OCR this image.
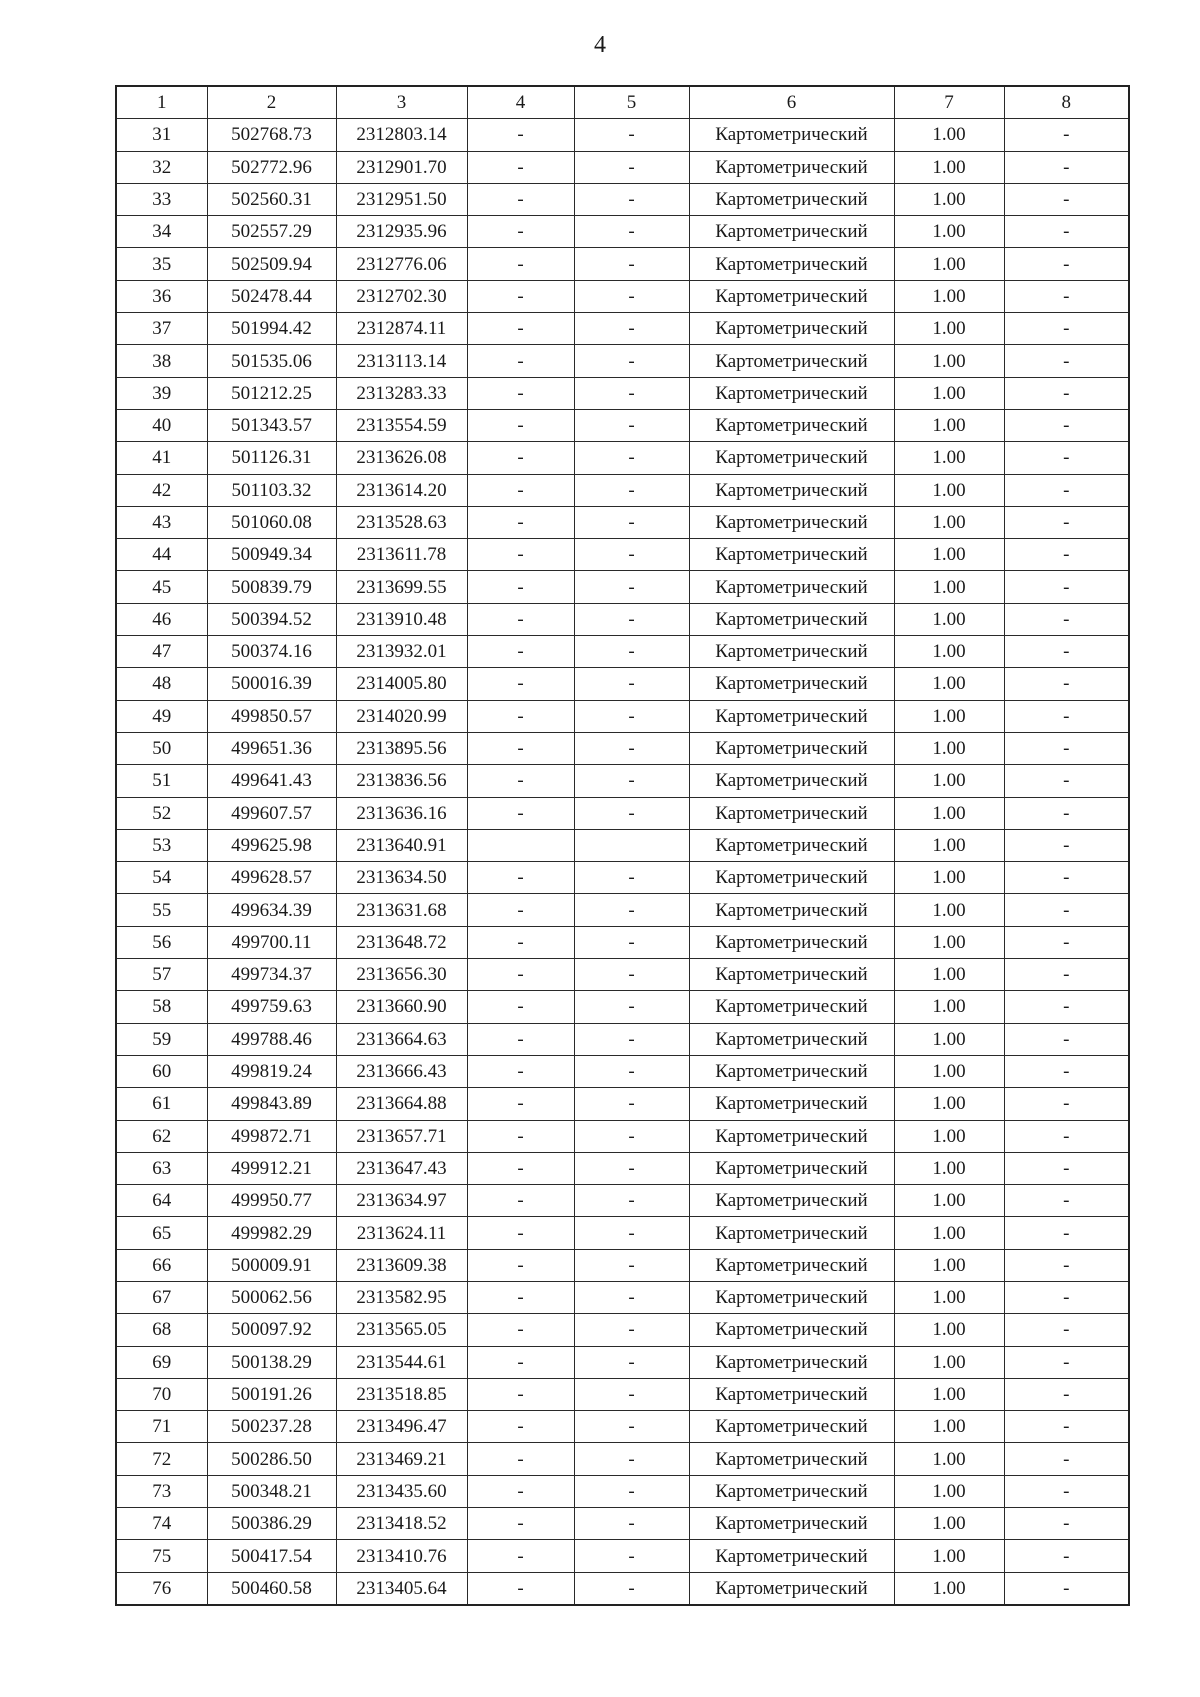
4
1	2	3	4	5	6	7	8
31	502768.73	2312803.14	-	-	Картометрический	1.00	-
32	502772.96	2312901.70	-	-	Картометрический	1.00	-
33	502560.31	2312951.50	-	-	Картометрический	1.00	-
34	502557.29	2312935.96	-	-	Картометрический	1.00	-
35	502509.94	2312776.06	-	-	Картометрический	1.00	-
36	502478.44	2312702.30	-	-	Картометрический	1.00	-
37	501994.42	2312874.11	-	-	Картометрический	1.00	-
38	501535.06	2313113.14	-	-	Картометрический	1.00	-
39	501212.25	2313283.33	-	-	Картометрический	1.00	-
40	501343.57	2313554.59	-	-	Картометрический	1.00	-
41	501126.31	2313626.08	-	-	Картометрический	1.00	-
42	501103.32	2313614.20	-	-	Картометрический	1.00	-
43	501060.08	2313528.63	-	-	Картометрический	1.00	-
44	500949.34	2313611.78	-	-	Картометрический	1.00	-
45	500839.79	2313699.55	-	-	Картометрический	1.00	-
46	500394.52	2313910.48	-	-	Картометрический	1.00	-
47	500374.16	2313932.01	-	-	Картометрический	1.00	-
48	500016.39	2314005.80	-	-	Картометрический	1.00	-
49	499850.57	2314020.99	-	-	Картометрический	1.00	-
50	499651.36	2313895.56	-	-	Картометрический	1.00	-
51	499641.43	2313836.56	-	-	Картометрический	1.00	-
52	499607.57	2313636.16	-	-	Картометрический	1.00	-
53	499625.98	2313640.91			Картометрический	1.00	-
54	499628.57	2313634.50	-	-	Картометрический	1.00	-
55	499634.39	2313631.68	-	-	Картометрический	1.00	-
56	499700.11	2313648.72	-	-	Картометрический	1.00	-
57	499734.37	2313656.30	-	-	Картометрический	1.00	-
58	499759.63	2313660.90	-	-	Картометрический	1.00	-
59	499788.46	2313664.63	-	-	Картометрический	1.00	-
60	499819.24	2313666.43	-	-	Картометрический	1.00	-
61	499843.89	2313664.88	-	-	Картометрический	1.00	-
62	499872.71	2313657.71	-	-	Картометрический	1.00	-
63	499912.21	2313647.43	-	-	Картометрический	1.00	-
64	499950.77	2313634.97	-	-	Картометрический	1.00	-
65	499982.29	2313624.11	-	-	Картометрический	1.00	-
66	500009.91	2313609.38	-	-	Картометрический	1.00	-
67	500062.56	2313582.95	-	-	Картометрический	1.00	-
68	500097.92	2313565.05	-	-	Картометрический	1.00	-
69	500138.29	2313544.61	-	-	Картометрический	1.00	-
70	500191.26	2313518.85	-	-	Картометрический	1.00	-
71	500237.28	2313496.47	-	-	Картометрический	1.00	-
72	500286.50	2313469.21	-	-	Картометрический	1.00	-
73	500348.21	2313435.60	-	-	Картометрический	1.00	-
74	500386.29	2313418.52	-	-	Картометрический	1.00	-
75	500417.54	2313410.76	-	-	Картометрический	1.00	-
76	500460.58	2313405.64	-	-	Картометрический	1.00	-
